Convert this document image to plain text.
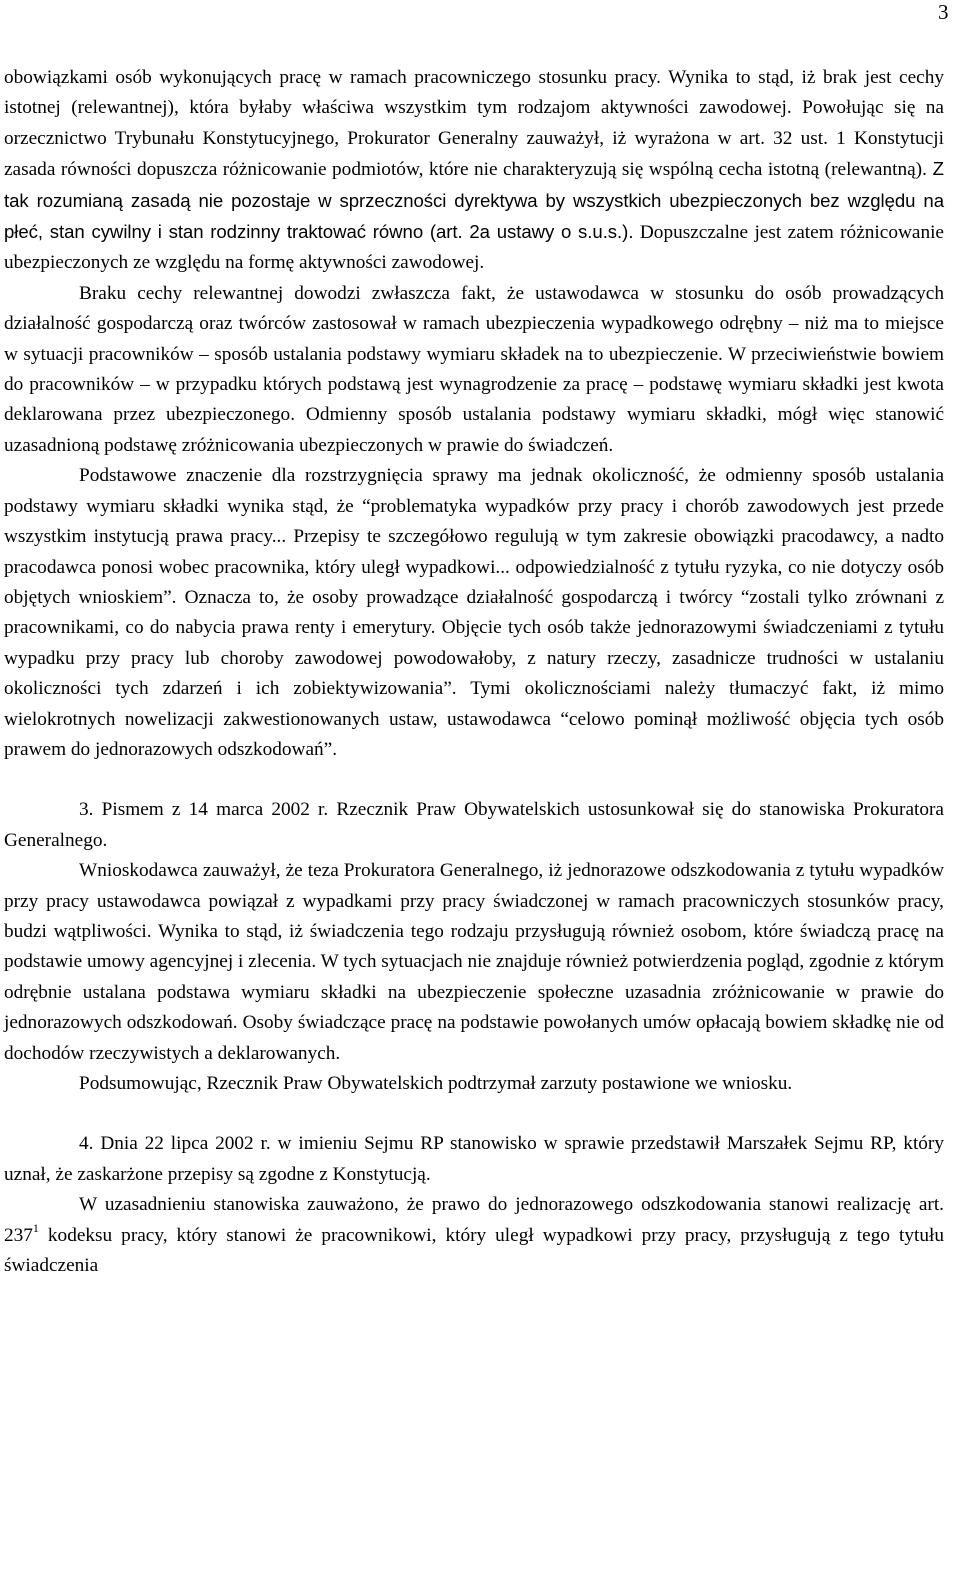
3

obowiązkami osób wykonujących pracę w ramach pracowniczego stosunku pracy. Wynika to stąd, iż brak jest cechy istotnej (relewantnej), która byłaby właściwa wszystkim tym rodzajom aktywności zawodowej. Powołując się na orzecznictwo Trybunału Konstytucyjnego, Prokurator Generalny zauważył, iż wyrażona w art. 32 ust. 1 Konstytucji zasada równości dopuszcza różnicowanie podmiotów, które nie charakteryzują się wspólną cecha istotną (relewantną). Z tak rozumianą zasadą nie pozostaje w sprzeczności dyrektywa by wszystkich ubezpieczonych bez względu na płeć, stan cywilny i stan rodzinny traktować równo (art. 2a ustawy o s.u.s.). Dopuszczalne jest zatem różnicowanie ubezpieczonych ze względu na formę aktywności zawodowej.

Braku cechy relewantnej dowodzi zwłaszcza fakt, że ustawodawca w stosunku do osób prowadzących działalność gospodarczą oraz twórców zastosował w ramach ubezpieczenia wypadkowego odrębny – niż ma to miejsce w sytuacji pracowników – sposób ustalania podstawy wymiaru składek na to ubezpieczenie. W przeciwieństwie bowiem do pracowników – w przypadku których podstawą jest wynagrodzenie za pracę – podstawę wymiaru składki jest kwota deklarowana przez ubezpieczonego. Odmienny sposób ustalania podstawy wymiaru składki, mógł więc stanowić uzasadnioną podstawę zróżnicowania ubezpieczonych w prawie do świadczeń.

Podstawowe znaczenie dla rozstrzygnięcia sprawy ma jednak okoliczność, że odmienny sposób ustalania podstawy wymiaru składki wynika stąd, że “problematyka wypadków przy pracy i chorób zawodowych jest przede wszystkim instytucją prawa pracy... Przepisy te szczegółowo regulują w tym zakresie obowiązki pracodawcy, a nadto pracodawca ponosi wobec pracownika, który uległ wypadkowi... odpowiedzialność z tytułu ryzyka, co nie dotyczy osób objętych wnioskiem”. Oznacza to, że osoby prowadzące działalność gospodarczą i twórcy “zostali tylko zrównani z pracownikami, co do nabycia prawa renty i emerytury. Objęcie tych osób także jednorazowymi świadczeniami z tytułu wypadku przy pracy lub choroby zawodowej powodowałoby, z natury rzeczy, zasadnicze trudności w ustalaniu okoliczności tych zdarzeń i ich zobiektywizowania”. Tymi okolicznościami należy tłumaczyć fakt, iż mimo wielokrotnych nowelizacji zakwestionowanych ustaw, ustawodawca “celowo pominął możliwość objęcia tych osób prawem do jednorazowych odszkodowań”.

3. Pismem z 14 marca 2002 r. Rzecznik Praw Obywatelskich ustosunkował się do stanowiska Prokuratora Generalnego.

Wnioskodawca zauważył, że teza Prokuratora Generalnego, iż jednorazowe odszkodowania z tytułu wypadków przy pracy ustawodawca powiązał z wypadkami przy pracy świadczonej w ramach pracowniczych stosunków pracy, budzi wątpliwości. Wynika to stąd, iż świadczenia tego rodzaju przysługują również osobom, które świadczą pracę na podstawie umowy agencyjnej i zlecenia. W tych sytuacjach nie znajduje również potwierdzenia pogląd, zgodnie z którym odrębnie ustalana podstawa wymiaru składki na ubezpieczenie społeczne uzasadnia zróżnicowanie w prawie do jednorazowych odszkodowań. Osoby świadczące pracę na podstawie powołanych umów opłacają bowiem składkę nie od dochodów rzeczywistych a deklarowanych.

Podsumowując, Rzecznik Praw Obywatelskich podtrzymał zarzuty postawione we wniosku.

4. Dnia 22 lipca 2002 r. w imieniu Sejmu RP stanowisko w sprawie przedstawił Marszałek Sejmu RP, który uznał, że zaskarżone przepisy są zgodne z Konstytucją.

W uzasadnieniu stanowiska zauważono, że prawo do jednorazowego odszkodowania stanowi realizację art. $237^1$ kodeksu pracy, który stanowi że pracownikowi, który uległ wypadkowi przy pracy, przysługują z tego tytułu świadczenia
